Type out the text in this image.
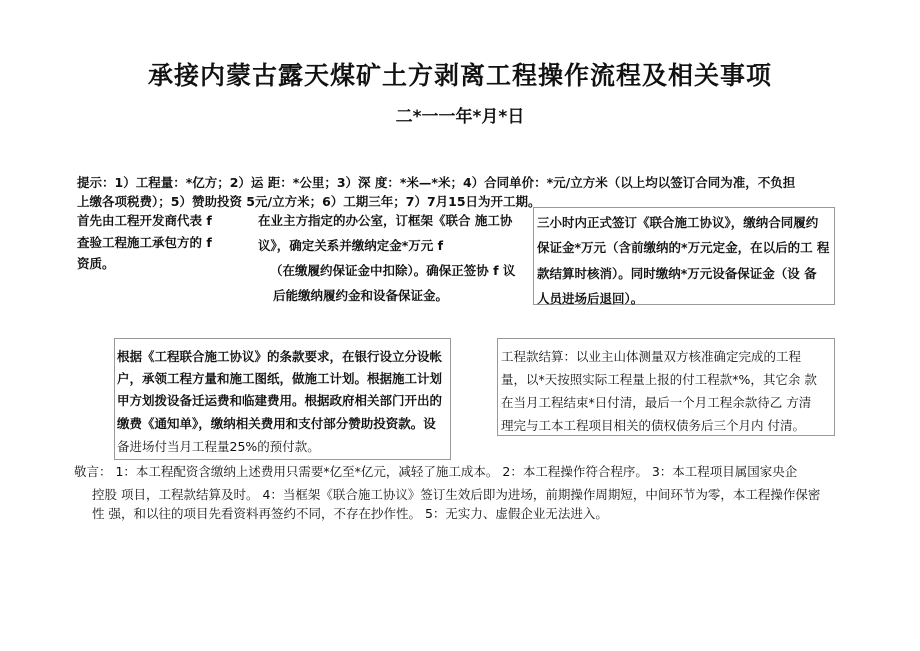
承接内蒙古露天煤矿土方剥离工程操作流程及相关事项
二*一一年*月*日
提示：1）工程量：*亿方；2）运 距：*公里；3）深 度：*米—*米；4）合同单价：*元/立方米（以上均以签订合同为准，不负担
上缴各项税费）；5）赞助投资 5元/立方米；6）工期三年；7）7月15日为开工期。
首先由工程开发商代表 f
查验工程施工承包方的 f
资质。
在业主方指定的办公室，订框架《联合 施工协
议》，确定关系并缴纳定金*万元 f
（在缴履约保证金中扣除）。确保正签协 f 议
后能缴纳履约金和设备保证金。
三小时内正式签订《联合施工协议》，缴纳合同履约
保证金*万元（含前缴纳的*万元定金，在以后的工 程
款结算时核消）。同时缴纳*万元设备保证金（设 备
人员进场后退回）。
根据《工程联合施工协议》的条款要求，在银行设立分设帐
户，承领工程方量和施工图纸，做施工计划。根据施工计划
甲方划拨设备迁运费和临建费用。根据政府相关部门开出的
缴费《通知单》，缴纳相关费用和支付部分赞助投资款。设
备进场付当月工程量25%的预付款。
工程款结算：以业主山体测量双方核准确定完成的工程
量，以*天按照实际工程量上报的付工程款*%，其它余 款
在当月工程结束*日付清，最后一个月工程余款待乙 方清
理完与工本工程项目相关的债权债务后三个月内 付清。
敬言： 1：本工程配资含缴纳上述费用只需要*亿至*亿元，减轻了施工成本。 2：本工程操作符合程序。 3：本工程项目属国家央企
控股 项目，工程款结算及时。 4：当框架《联合施工协议》签订生效后即为进场，前期操作周期短，中间环节为零，本工程操作保密
性 强，和以往的项目先看资料再签约不同，不存在抄作性。 5：无实力、虚假企业无法进入。
